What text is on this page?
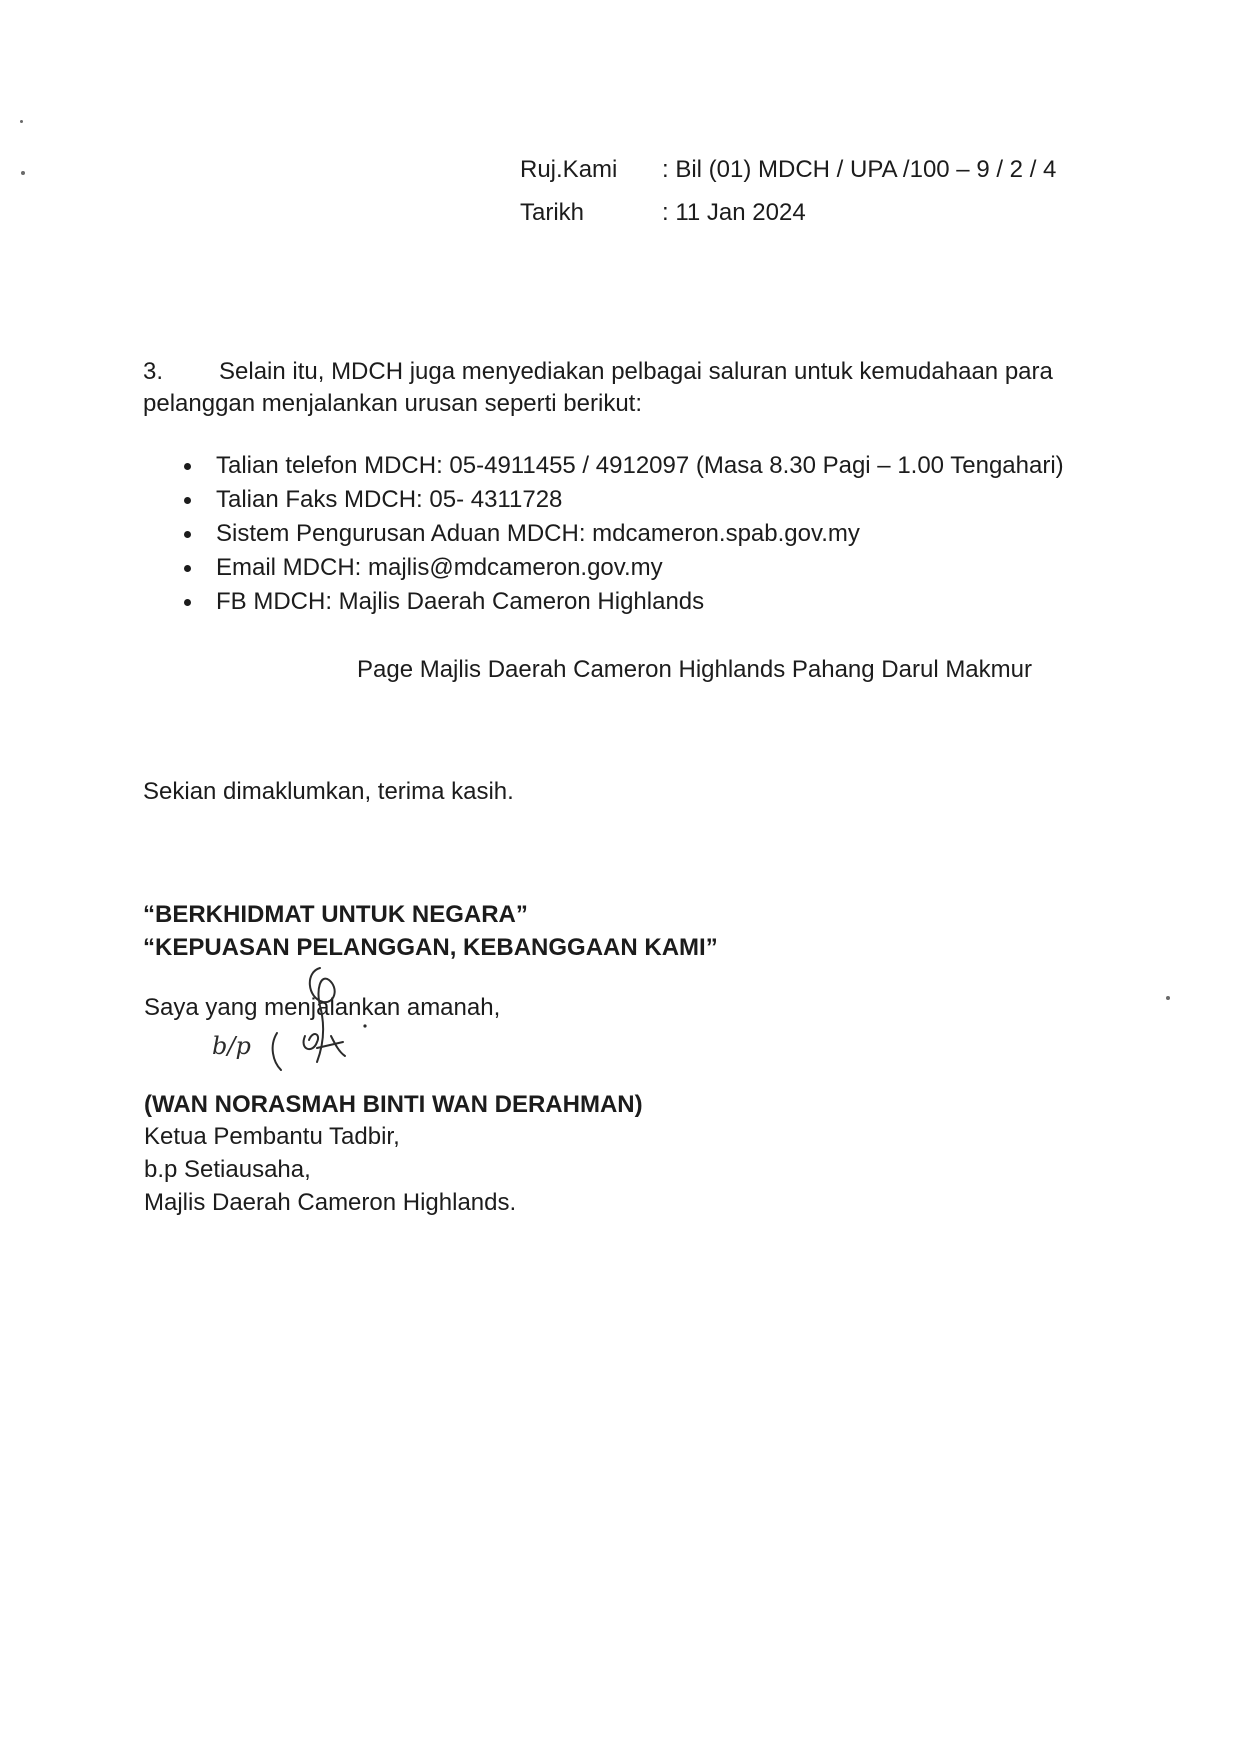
Ruj.Kami : Bil (01) MDCH / UPA /100 – 9 / 2 / 4
Tarikh	: 11 Jan 2024
3. Selain itu, MDCH juga menyediakan pelbagai saluran untuk kemudahaan para
pelanggan menjalankan urusan seperti berikut:
Talian telefon MDCH: 05-4911455 / 4912097 (Masa 8.30 Pagi – 1.00 Tengahari)
Talian Faks MDCH: 05- 4311728
Sistem Pengurusan Aduan MDCH: mdcameron.spab.gov.my
Email MDCH: majlis@mdcameron.gov.my
FB MDCH: Majlis Daerah Cameron Highlands
Page Majlis Daerah Cameron Highlands Pahang Darul Makmur
Sekian dimaklumkan, terima kasih.
“BERKHIDMAT UNTUK NEGARA”
“KEPUASAN PELANGGAN, KEBANGGAAN KAMI”
Saya yang menjalankan amanah,
b/p
(WAN NORASMAH BINTI WAN DERAHMAN)
Ketua Pembantu Tadbir,
b.p Setiausaha,
Majlis Daerah Cameron Highlands.
